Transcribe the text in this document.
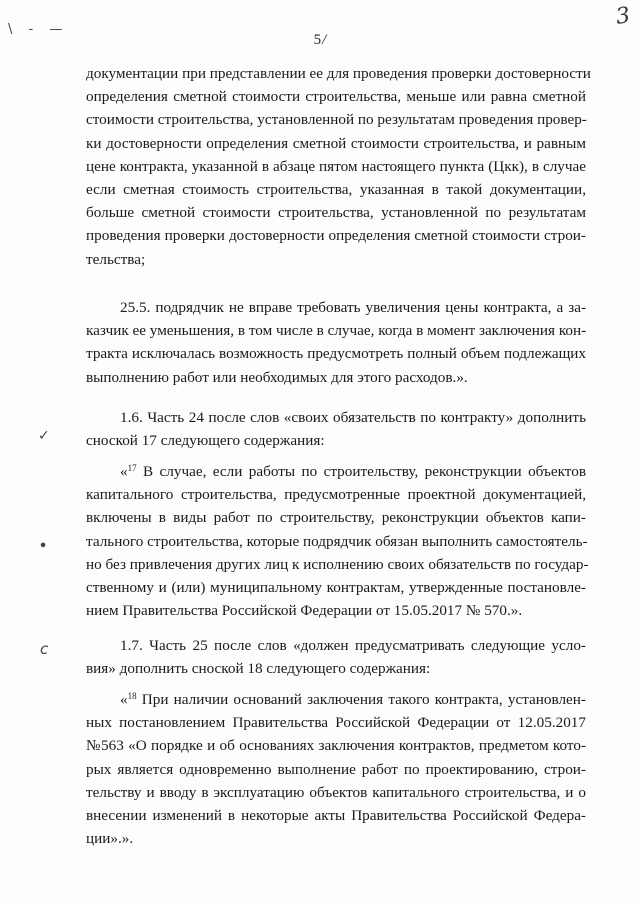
\ - —
✓
∙
c
3
5/
документации при представлении ее для проведения проверки достоверности
определения сметной стоимости строительства, меньше или равна сметной
стоимости строительства, установленной по результатам проведения провер-
ки достоверности определения сметной стоимости строительства, и равным
цене контракта, указанной в абзаце пятом настоящего пункта (Цкк), в случае
если сметная стоимость строительства, указанная в такой документации,
больше сметной стоимости строительства, установленной по результатам
проведения проверки достоверности определения сметной стоимости строи-
тельства;
25.5. подрядчик не вправе требовать увеличения цены контракта, а за-
казчик ее уменьшения, в том числе в случае, когда в момент заключения кон-
тракта исключалась возможность предусмотреть полный объем подлежащих
выполнению работ или необходимых для этого расходов.».
1.6. Часть 24 после слов «своих обязательств по контракту» дополнить
сноской 17 следующего содержания:
«$^{17}$ В случае, если работы по строительству, реконструкции объектов
капитального строительства, предусмотренные проектной документацией,
включены в виды работ по строительству, реконструкции объектов капи-
тального строительства, которые подрядчик обязан выполнить самостоятель-
но без привлечения других лиц к исполнению своих обязательств по государ-
ственному и (или) муниципальному контрактам, утвержденные постановле-
нием Правительства Российской Федерации от 15.05.2017 № 570.».
1.7. Часть 25 после слов «должен предусматривать следующие усло-
вия» дополнить сноской 18 следующего содержания:
«$^{18}$ При наличии оснований заключения такого контракта, установлен-
ных постановлением Правительства Российской Федерации от 12.05.2017
№563 «О порядке и об основаниях заключения контрактов, предметом кото-
рых является одновременно выполнение работ по проектированию, строи-
тельству и вводу в эксплуатацию объектов капитального строительства, и о
внесении изменений в некоторые акты Правительства Российской Федера-
ции».».
